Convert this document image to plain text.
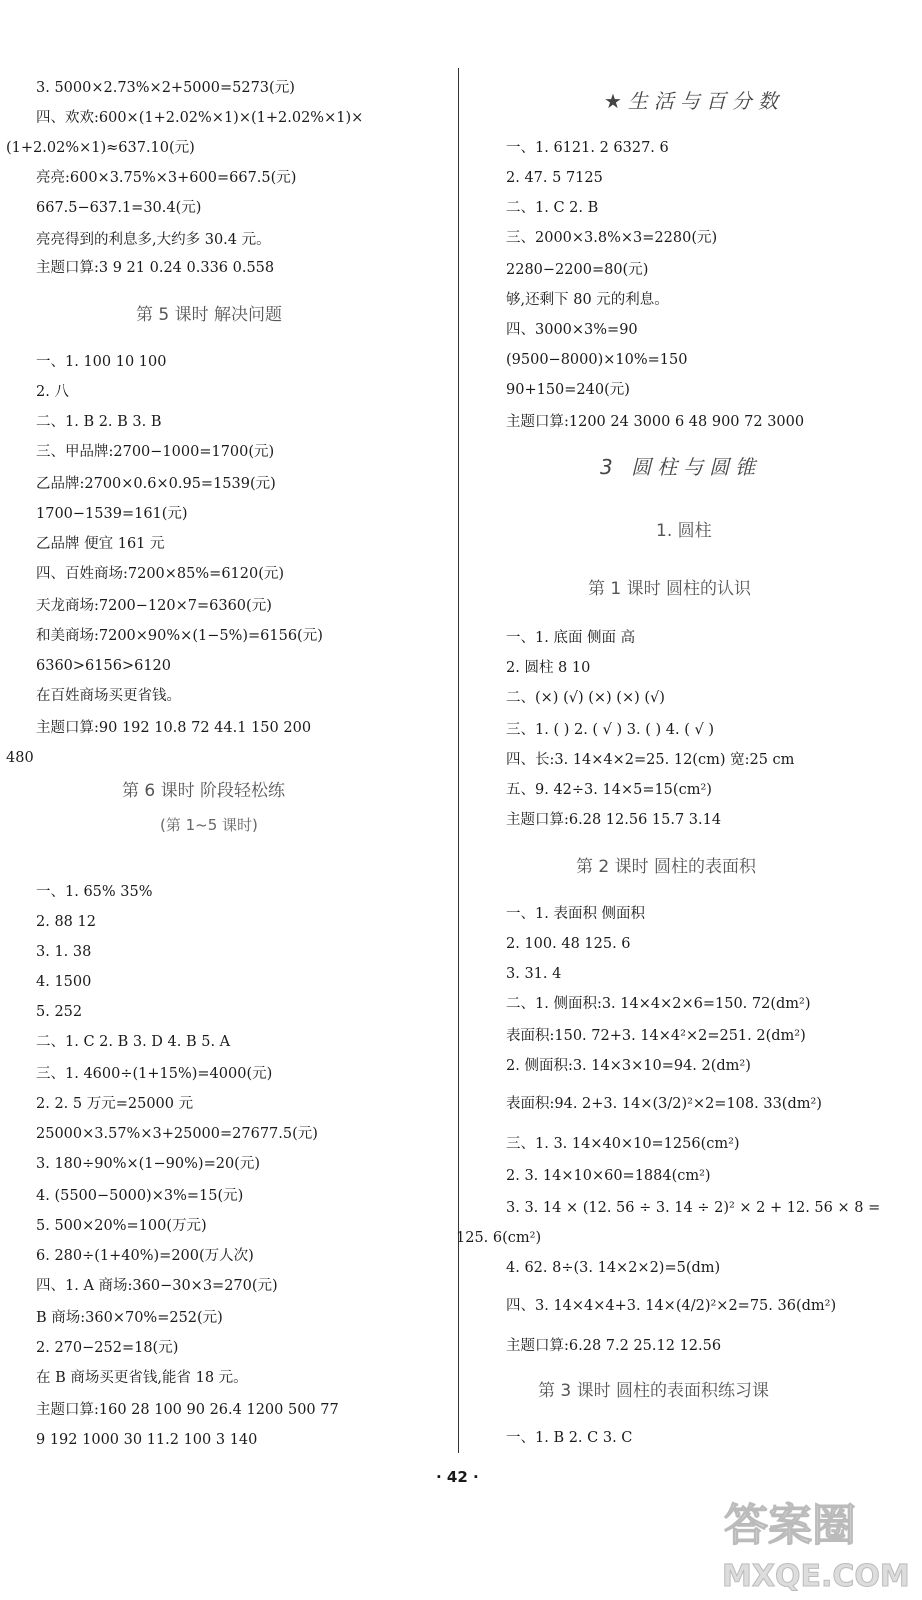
3. 5000×2.73%×2+5000=5273(元)
四、欢欢:600×(1+2.02%×1)×(1+2.02%×1)×
(1+2.02%×1)≈637.10(元)
亮亮:600×3.75%×3+600=667.5(元)
667.5−637.1=30.4(元)
亮亮得到的利息多,大约多 30.4 元。
主题口算:3 9 21 0.24 0.336 0.558
第 5 课时 解决问题
一、1. 100 10 100
2. 八
二、1. B 2. B 3. B
三、甲品牌:2700−1000=1700(元)
乙品牌:2700×0.6×0.95=1539(元)
1700−1539=161(元)
乙品牌 便宜 161 元
四、百姓商场:7200×85%=6120(元)
天龙商场:7200−120×7=6360(元)
和美商场:7200×90%×(1−5%)=6156(元)
6360>6156>6120
在百姓商场买更省钱。
主题口算:90 192 10.8 72 44.1 150 200
480
第 6 课时 阶段轻松练
(第 1~5 课时)
一、1. 65% 35%
2. 88 12
3. 1. 38
4. 1500
5. 252
二、1. C 2. B 3. D 4. B 5. A
三、1. 4600÷(1+15%)=4000(元)
2. 2. 5 万元=25000 元
25000×3.57%×3+25000=27677.5(元)
3. 180÷90%×(1−90%)=20(元)
4. (5500−5000)×3%=15(元)
5. 500×20%=100(万元)
6. 280÷(1+40%)=200(万人次)
四、1. A 商场:360−30×3=270(元)
B 商场:360×70%=252(元)
2. 270−252=18(元)
在 B 商场买更省钱,能省 18 元。
主题口算:160 28 100 90 26.4 1200 500 77
9 192 1000 30 11.2 100 3 140
★生活与百分数
一、1. 6121. 2 6327. 6
2. 47. 5 7125
二、1. C 2. B
三、2000×3.8%×3=2280(元)
2280−2200=80(元)
够,还剩下 80 元的利息。
四、3000×3%=90
(9500−8000)×10%=150
90+150=240(元)
主题口算:1200 24 3000 6 48 900 72 3000
3 圆柱与圆锥
1. 圆柱
第 1 课时 圆柱的认识
一、1. 底面 侧面 高
2. 圆柱 8 10
二、(×) (√) (×) (×) (√)
三、1. ( ) 2. ( √ ) 3. ( ) 4. ( √ )
四、长:3. 14×4×2=25. 12(cm) 宽:25 cm
五、9. 42÷3. 14×5=15(cm²)
主题口算:6.28 12.56 15.7 3.14
第 2 课时 圆柱的表面积
一、1. 表面积 侧面积
2. 100. 48 125. 6
3. 31. 4
二、1. 侧面积:3. 14×4×2×6=150. 72(dm²)
表面积:150. 72+3. 14×4²×2=251. 2(dm²)
2. 侧面积:3. 14×3×10=94. 2(dm²)
表面积:94. 2+3. 14×(3/2)²×2=108. 33(dm²)
三、1. 3. 14×40×10=1256(cm²)
2. 3. 14×10×60=1884(cm²)
3. 3. 14 × (12. 56 ÷ 3. 14 ÷ 2)² × 2 + 12. 56 × 8 =
125. 6(cm²)
4. 62. 8÷(3. 14×2×2)=5(dm)
四、3. 14×4×4+3. 14×(4/2)²×2=75. 36(dm²)
主题口算:6.28 7.2 25.12 12.56
第 3 课时 圆柱的表面积练习课
一、1. B 2. C 3. C
· 42 ·
答案圈
MXQE.COM
